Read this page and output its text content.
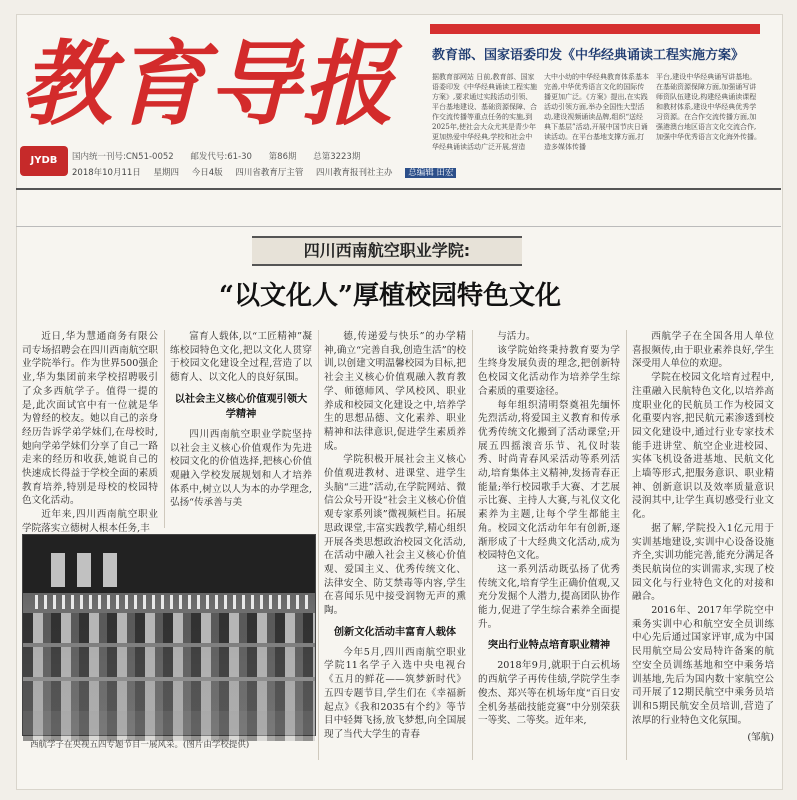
教育导报
JYDB	国内统一刊号:CN51-0052 邮发代号:61-30 第86期 总第3223期
2018年10月11日 星期四 今日4版 四川省教育厅主管 四川教育报刊社主办 总编辑 田宏
教育部、国家语委印发《中华经典诵读工程实施方案》
据教育部网站 日前,教育部、国家语委印发《中华经典诵读工程实施方案》,要求通过实践活动引领、平台基地建设、基础资源保障、合作交流传播等重点任务的实施,到2025年,使社会大众尤其是青少年更加热爱中华经典,学校和社会中华经典诵读活动广泛开展,营造
大中小幼的中华经典教育体系基本完善,中华优秀语言文化的国际传播更加广泛。《方案》提出,在实践活动引领方面,举办全国性大型活动,建设视频诵读品牌,组织“送经典下基层”活动,开展中国节庆日诵读活动。在平台基地支撑方面,打造多媒体传播
平台,建设中华经典诵写讲基地。在基础资源保障方面,加强诵写讲师资队伍建设,构建经典诵读课程和教材体系,建设中华经典优秀学习资源。在合作交流传播方面,加强港澳台地区语言文化交流合作,加强中华优秀语言文化海外传播。
四川西南航空职业学院:
“以文化人”厚植校园特色文化

近日,华为慧通商务有限公司专场招聘会在四川西南航空职业学院举行。作为世界500强企业,华为集团前来学校招聘吸引了众多西航学子。值得一提的是,此次面试官中有一位就是华为曾经的校友。她以自己的亲身经历告诉学弟学妹们,在母校时,她向学弟学妹们分享了自己一路走来的经历和收获,她说自己的快速成长得益于学校全面的素质教育培养,特别是母校的校园特色文化活动。

近年来,四川西南航空职业学院落实立德树人根本任务,丰

富育人载体,以“工匠精神”凝练校园特色文化,把以文化人贯穿于校园文化建设全过程,营造了以德育人、以文化人的良好氛围。

以社会主义核心价值观引领大学精神

四川西南航空职业学院坚持以社会主义核心价值观作为先进校园文化的价值选择,把核心价值观融入学校发展规划和人才培养体系中,树立以人为本的办学理念,弘扬“传承善与美

德,传递爱与快乐”的办学精神,确立“完善自我,创造生活”的校训,以创建文明温馨校园为目标,把社会主义核心价值观融入教育教学、师德师风、学风校风、职业养成和校园文化建设之中,培养学生的思想品德、文化素养、职业精神和法律意识,促进学生素质养成。

学院积极开展社会主义核心价值观进教材、进课堂、进学生头脑“三进”活动,在学院网站、微信公众号开设“社会主义核心价值观专家系列谈”微视频栏目。拓展思政课堂,丰富实践教学,精心组织开展各类思想政治校园文化活动,在活动中融入社会主义核心价值观、爱国主义、优秀传统文化、法律安全、防艾禁毒等内容,学生在喜闻乐见中接受润物无声的熏陶。

创新文化活动丰富育人载体

今年5月,四川西南航空职业学院11名学子入选中央电视台《五月的鲜花——筑梦新时代》五四专题节目,学生们在《幸福新起点》《我和2035有个约》等节目中轻舞飞扬,放飞梦想,向全国展现了当代大学生的青春

与活力。

该学院始终秉持教育要为学生终身发展负责的理念,把创新特色校园文化活动作为培养学生综合素质的重要途径。

每年组织清明祭奠祖先缅怀先烈活动,将爱国主义教育和传承优秀传统文化搬到了活动课堂;开展五四摇滚音乐节、礼仪时装秀、时尚青春风采活动等系列活动,培育集体主义精神,发扬青春正能量;举行校园歌手大赛、才艺展示比赛、主持人大赛,与礼仪文化素养为主题,让每个学生都能主角。校园文化活动年年有创新,逐渐形成了十大经典文化活动,成为校园特色文化。

这一系列活动既弘扬了优秀传统文化,培育学生正确价值观,又充分发掘个人潜力,提高团队协作能力,促进了学生综合素养全面提升。

突出行业特点培育职业精神

2018年9月,就职于白云机场的西航学子再传佳绩,学院学生李俊杰、郑兴等在机场年度“百日安全机务基础技能竞赛”中分别荣获一等奖、二等奖。近年来,

西航学子在全国各用人单位喜报频传,由于职业素养良好,学生深受用人单位的欢迎。

学院在校园文化培育过程中,注重融入民航特色文化,以培养高度职业化的民航员工作为校园文化重要内容,把民航元素渗透到校园文化建设中,通过行业专家技术能手进讲堂、航空企业进校园、实体飞机设备进基地、民航文化上墙等形式,把服务意识、职业精神、创新意识以及效率质量意识浸润其中,让学生真切感受行业文化。

据了解,学院投入1亿元用于实训基地建设,实训中心设备设施齐全,实训功能完善,能充分满足各类民航岗位的实训需求,实现了校园文化与行业特色文化的对接和融合。

2016年、2017年学院空中乘务实训中心和航空安全员训练中心先后通过国家评审,成为中国民用航空局公安局特许备案的航空安全员训练基地和空中乘务培训基地,先后为国内数十家航空公司开展了12期民航空中乘务员培训和5期民航安全员培训,营造了浓厚的行业特色文化氛围。

(邹航)

西航学子在央视五四专题节目一展风采。(图片由学校提供)
